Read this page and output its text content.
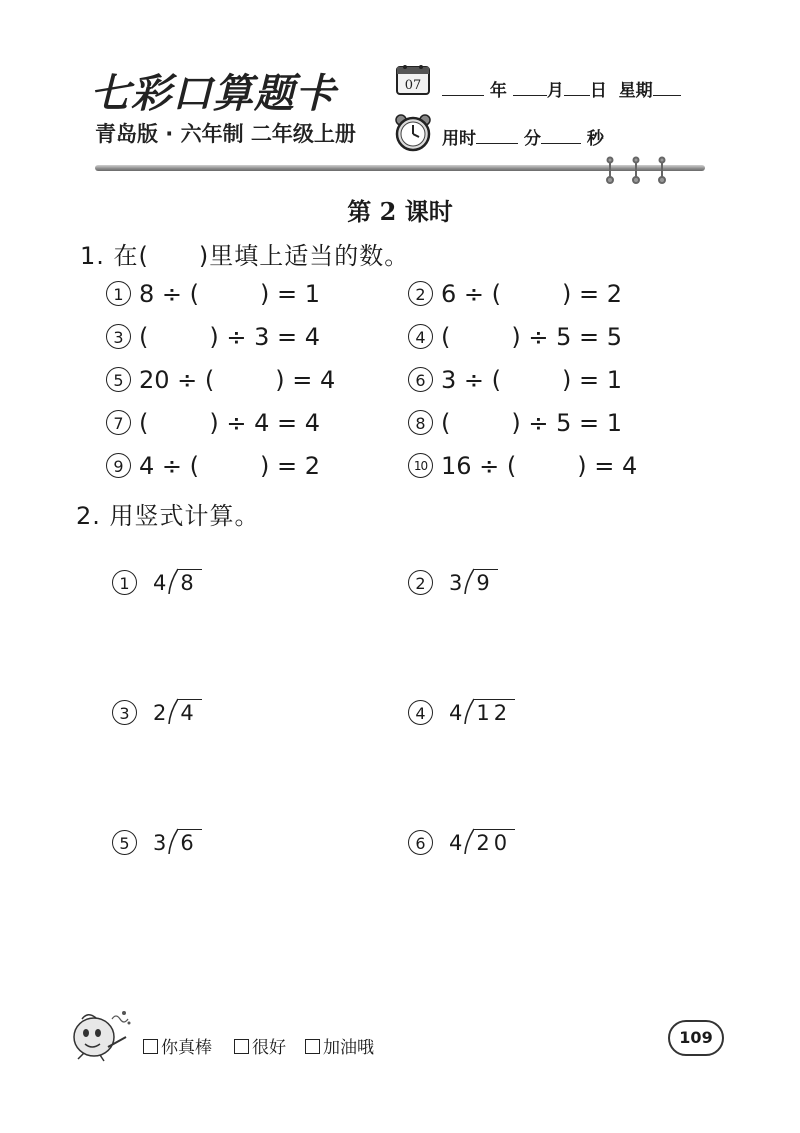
七彩口算题卡
青岛版 · 六年制 二年级上册
07	年 月 日 星期
用时	分	秒
第 2 课时
1. 在(　　)里填上适当的数。
1 8 ÷ (        ) = 1	2 6 ÷ (        ) = 2
3 (        ) ÷ 3 = 4	4 (        ) ÷ 5 = 5
5 20 ÷ (        ) = 4	6 3 ÷ (        ) = 1
7 (        ) ÷ 4 = 4	8 (        ) ÷ 5 = 1
9 4 ÷ (        ) = 2	10 16 ÷ (        ) = 4
2. 用竖式计算。
1 4 8	2 3 9
3 2 4	4 4 12
5 3 6	6 4 20
你真棒	很好	加油哦
109
